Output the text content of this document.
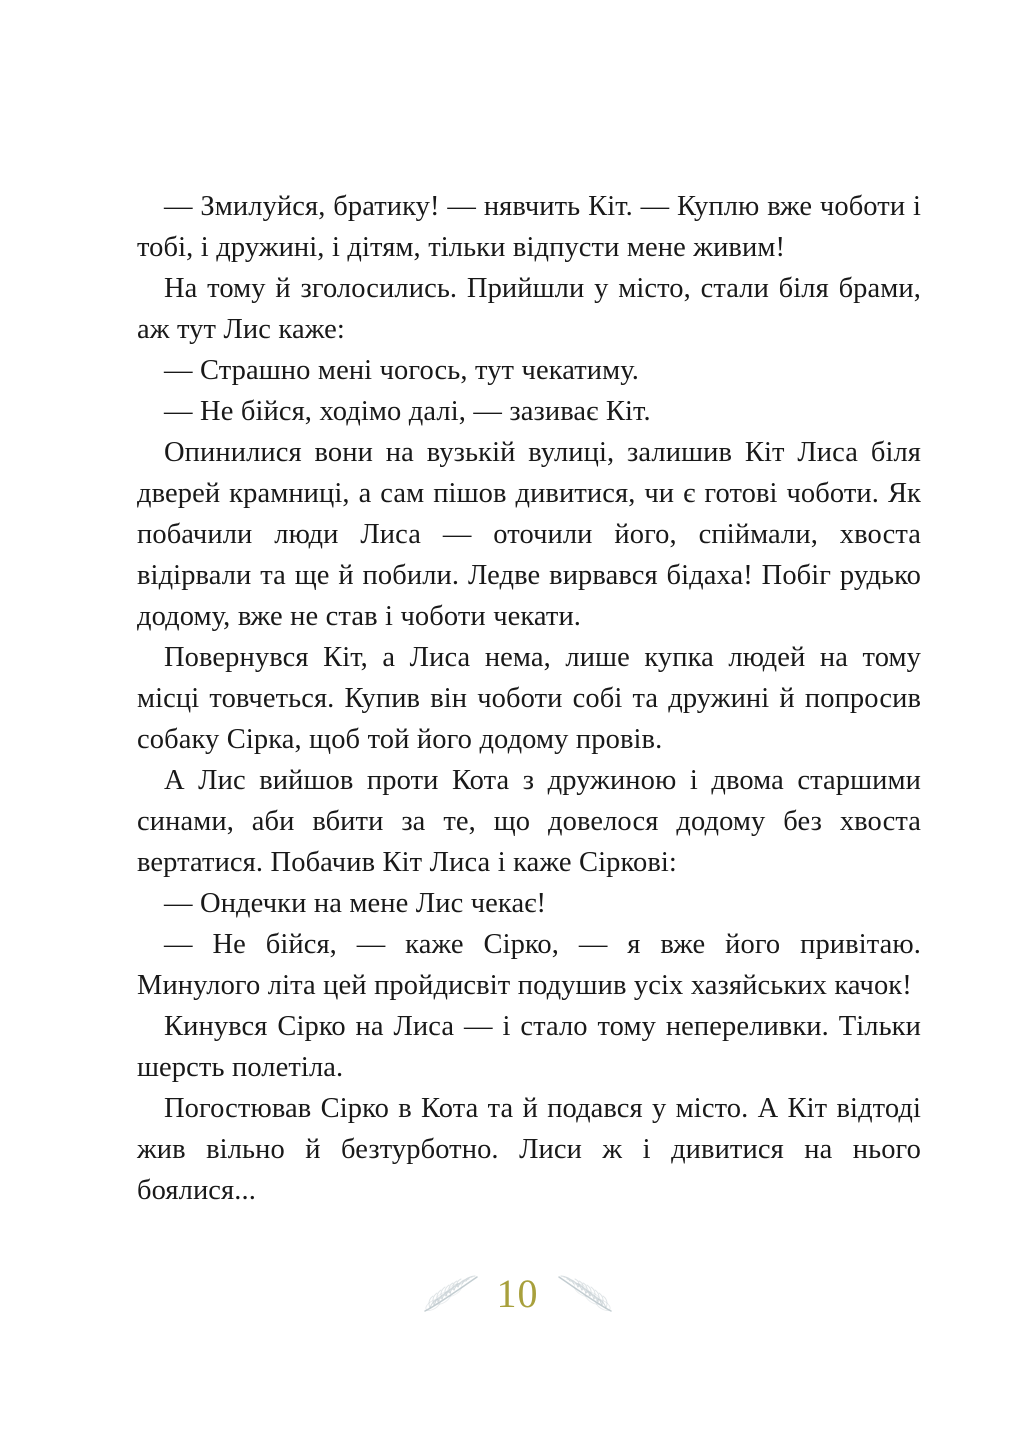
— Змилуйся, братику! — нявчить Кіт. — Куплю вже чоботи і тобі, і дружині, і дітям, тільки відпусти мене живим!

На тому й зголосились. Прийшли у місто, стали біля брами, аж тут Лис каже:

— Страшно мені чогось, тут чекатиму.

— Не бійся, ходімо далі, — зазиває Кіт.

Опинилися вони на вузькій вулиці, залишив Кіт Лиса біля дверей крамниці, а сам пішов дивитися, чи є готові чоботи. Як побачили люди Лиса — оточили його, спіймали, хвоста відірвали та ще й побили. Ледве вирвався бідаха! Побіг рудько додому, вже не став і чоботи чекати.

Повернувся Кіт, а Лиса нема, лише купка людей на тому місці товчеться. Купив він чоботи собі та дружині й попросив собаку Сірка, щоб той його додому провів.

А Лис вийшов проти Кота з дружиною і двома старшими синами, аби вбити за те, що довелося додому без хвоста вертатися. Побачив Кіт Лиса і каже Сіркові:

— Ондечки на мене Лис чекає!

— Не бійся, — каже Сірко, — я вже його привітаю. Минулого літа цей пройдисвіт подушив усіх хазяйських качок!

Кинувся Сірко на Лиса — і стало тому непереливки. Тільки шерсть полетіла.

Погостював Сірко в Кота та й подався у місто. А Кіт відтоді жив вільно й безтурботно. Лиси ж і дивитися на нього боялися...

10
